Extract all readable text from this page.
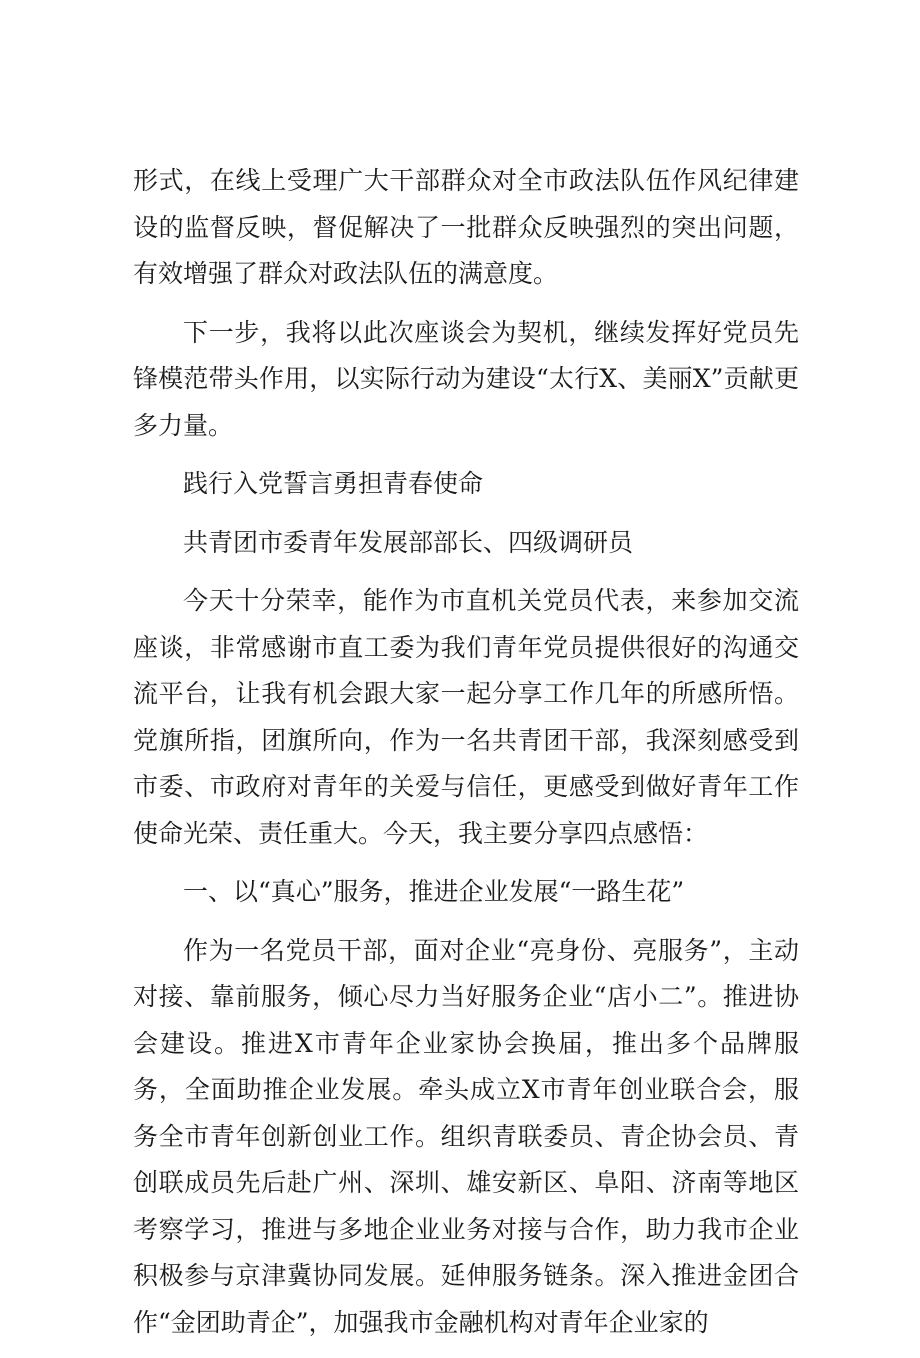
形式，在线上受理广大干部群众对全市政法队伍作风纪律建设的监督反映，督促解决了一批群众反映强烈的突出问题，有效增强了群众对政法队伍的满意度。

下一步，我将以此次座谈会为契机，继续发挥好党员先锋模范带头作用，以实际行动为建设“太行X、美丽X”贡献更多力量。

践行入党誓言勇担青春使命

共青团市委青年发展部部长、四级调研员

今天十分荣幸，能作为市直机关党员代表，来参加交流座谈，非常感谢市直工委为我们青年党员提供很好的沟通交流平台，让我有机会跟大家一起分享工作几年的所感所悟。党旗所指，团旗所向，作为一名共青团干部，我深刻感受到市委、市政府对青年的关爱与信任，更感受到做好青年工作使命光荣、责任重大。今天，我主要分享四点感悟：

一、以“真心”服务，推进企业发展“一路生花”

作为一名党员干部，面对企业“亮身份、亮服务”，主动对接、靠前服务，倾心尽力当好服务企业“店小二”。推进协会建设。推进X市青年企业家协会换届，推出多个品牌服务，全面助推企业发展。牵头成立X市青年创业联合会，服务全市青年创新创业工作。组织青联委员、青企协会员、青创联成员先后赴广州、深圳、雄安新区、阜阳、济南等地区考察学习，推进与多地企业业务对接与合作，助力我市企业积极参与京津冀协同发展。延伸服务链条。深入推进金团合作“金团助青企”，加强我市金融机构对青年企业家的
